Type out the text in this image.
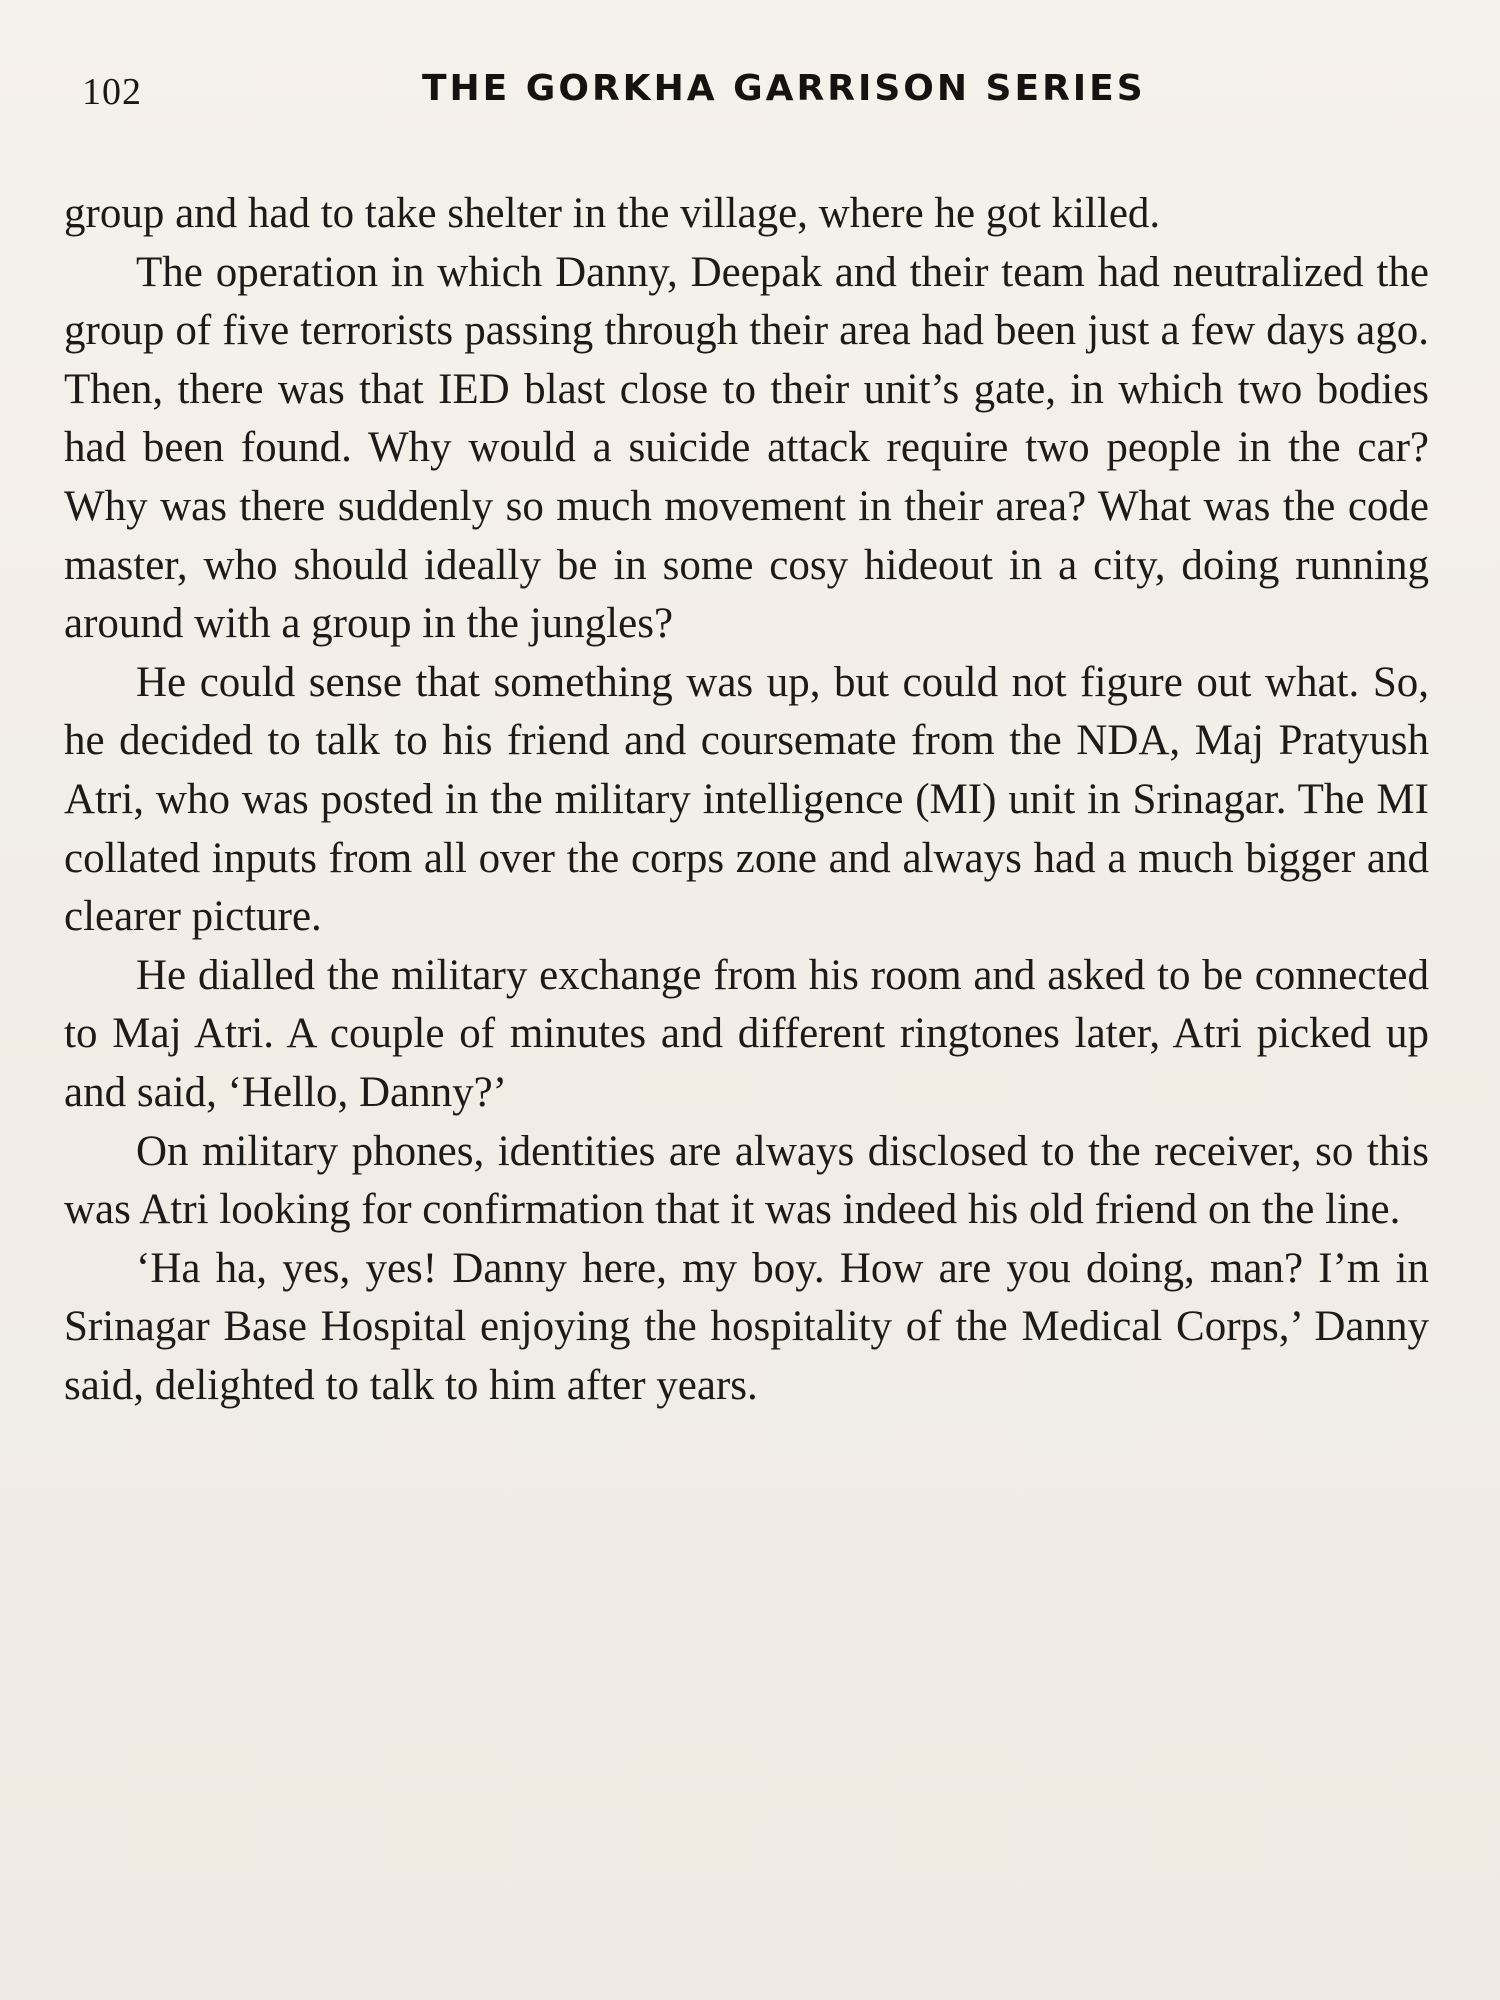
102	THE GORKHA GARRISON SERIES

group and had to take shelter in the village, where he got killed.

The operation in which Danny, Deepak and their team had neutralized the group of five terrorists passing through their area had been just a few days ago. Then, there was that IED blast close to their unit’s gate, in which two bodies had been found. Why would a suicide attack require two people in the car? Why was there suddenly so much movement in their area? What was the code master, who should ideally be in some cosy hideout in a city, doing running around with a group in the jungles?

He could sense that something was up, but could not figure out what. So, he decided to talk to his friend and coursemate from the NDA, Maj Pratyush Atri, who was posted in the military intelligence (MI) unit in Srinagar. The MI collated inputs from all over the corps zone and always had a much bigger and clearer picture.

He dialled the military exchange from his room and asked to be connected to Maj Atri. A couple of minutes and different ringtones later, Atri picked up and said, ‘Hello, Danny?’

On military phones, identities are always disclosed to the receiver, so this was Atri looking for confirmation that it was indeed his old friend on the line.

‘Ha ha, yes, yes! Danny here, my boy. How are you doing, man? I’m in Srinagar Base Hospital enjoying the hospitality of the Medical Corps,’ Danny said, delighted to talk to him after years.
